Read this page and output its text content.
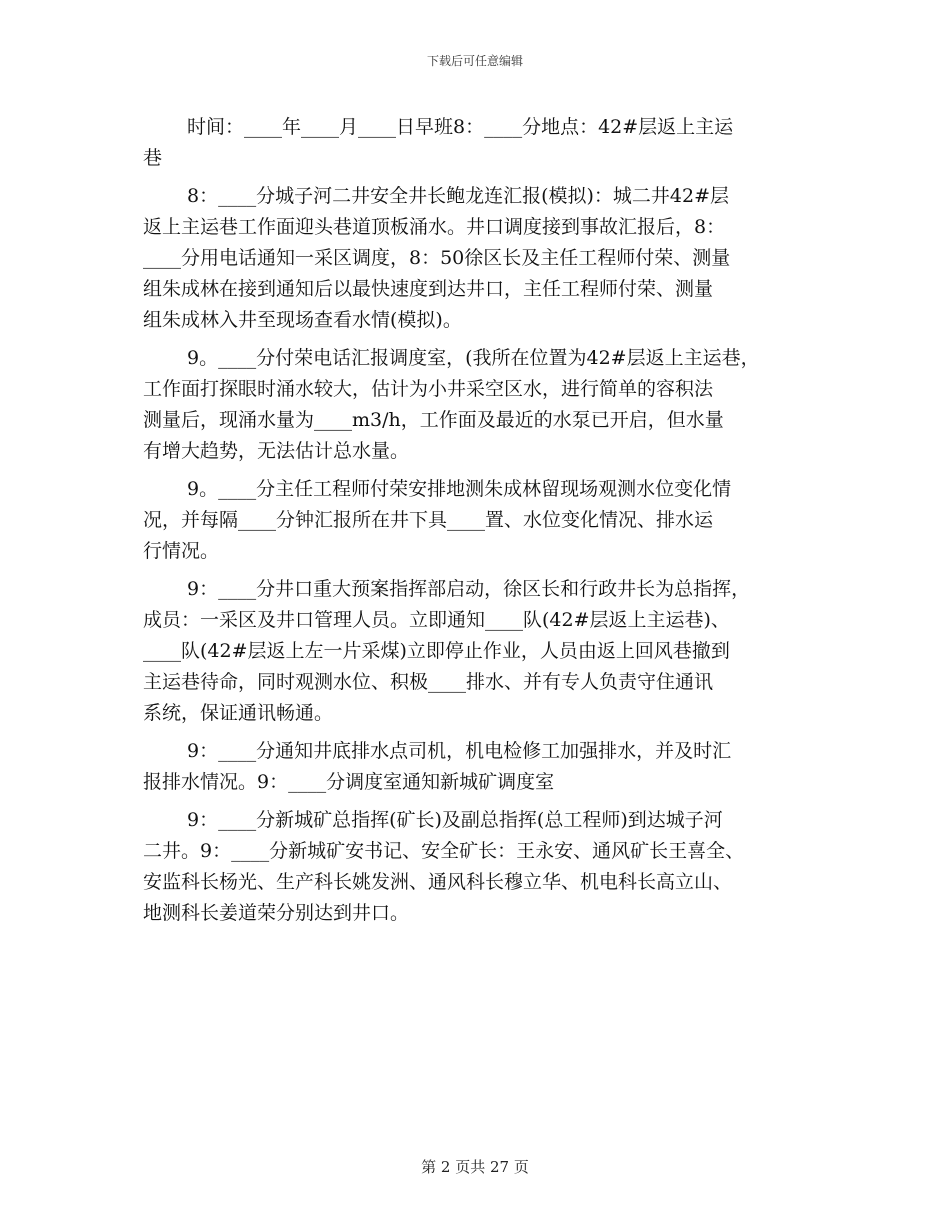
下载后可任意编辑

时间：____年____月____日早班8：____分地点：42#层返上主运
巷

8：____分城子河二井安全井长鲍龙连汇报(模拟)：城二井42#层
返上主运巷工作面迎头巷道顶板涌水。井口调度接到事故汇报后，8：
____分用电话通知一采区调度，8：50徐区长及主任工程师付荣、测量
组朱成林在接到通知后以最快速度到达井口，主任工程师付荣、测量
组朱成林入井至现场查看水情(模拟)。

9。____分付荣电话汇报调度室，(我所在位置为42#层返上主运巷，
工作面打探眼时涌水较大，估计为小井采空区水，进行简单的容积法
测量后，现涌水量为____m3/h，工作面及最近的水泵已开启，但水量
有增大趋势，无法估计总水量。

9。____分主任工程师付荣安排地测朱成林留现场观测水位变化情
况，并每隔____分钟汇报所在井下具____置、水位变化情况、排水运
行情况。

9：____分井口重大预案指挥部启动，徐区长和行政井长为总指挥，
成员：一采区及井口管理人员。立即通知____队(42#层返上主运巷)、
____队(42#层返上左一片采煤)立即停止作业，人员由返上回风巷撤到
主运巷待命，同时观测水位、积极____排水、并有专人负责守住通讯
系统，保证通讯畅通。

9：____分通知井底排水点司机，机电检修工加强排水，并及时汇
报排水情况。9：____分调度室通知新城矿调度室

9：____分新城矿总指挥(矿长)及副总指挥(总工程师)到达城子河
二井。9：____分新城矿安书记、安全矿长：王永安、通风矿长王喜全、
安监科长杨光、生产科长姚发洲、通风科长穆立华、机电科长高立山、
地测科长姜道荣分别达到井口。

第 2 页共 27 页
